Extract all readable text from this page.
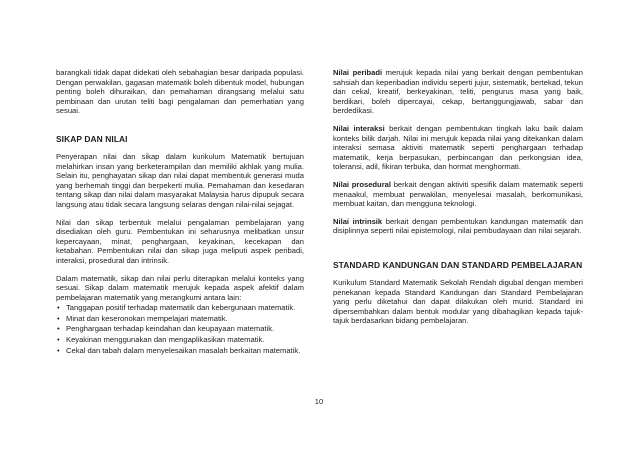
barangkali tidak dapat didekati oleh sebahagian besar daripada populasi. Dengan perwakilan, gagasan matematik boleh dibentuk model, hubungan penting boleh dihuraikan, dan pemahaman dirangsang melalui satu pembinaan dan urutan teliti bagi pengalaman dan pemerhatian yang sesuai.

SIKAP DAN NILAI

Penyerapan nilai dan sikap dalam kurikulum Matematik bertujuan melahirkan insan yang berketerampilan dan memiliki akhlak yang mulia. Selain itu, penghayatan sikap dan nilai dapat membentuk generasi muda yang berhemah tinggi dan berpekerti mulia. Pemahaman dan kesedaran tentang sikap dan nilai dalam masyarakat Malaysia harus dipupuk secara langsung atau tidak secara langsung selaras dengan nilai-nilai sejagat.

Nilai dan sikap terbentuk melalui pengalaman pembelajaran yang disediakan oleh guru. Pembentukan ini seharusnya melibatkan unsur kepercayaan, minat, penghargaan, keyakinan, kecekapan dan ketabahan. Pembentukan nilai dan sikap juga meliputi aspek peribadi, interaksi, prosedural dan intrinsik.

Dalam matematik, sikap dan nilai perlu diterapkan melalui konteks yang sesuai. Sikap dalam matematik merujuk kepada aspek afektif dalam pembelajaran matematik yang merangkumi antara lain:

• Tanggapan positif terhadap matematik dan kebergunaan matematik.
• Minat dan keseronokan mempelajari matematik.
• Penghargaan terhadap keindahan dan keupayaan matematik.
• Keyakinan menggunakan dan mengaplikasikan matematik.
• Cekal dan tabah dalam menyelesaikan masalah berkaitan matematik.

Nilai peribadi merujuk kepada nilai yang berkait dengan pembentukan sahsiah dan keperibadian individu seperti jujur, sistematik, bertekad, tekun dan cekal, kreatif, berkeyakinan, teliti, pengurus masa yang baik, berdikari, boleh dipercayai, cekap, bertanggungjawab, sabar dan berdedikasi.

Nilai interaksi berkait dengan pembentukan tingkah laku baik dalam konteks bilik darjah. Nilai ini merujuk kepada nilai yang ditekankan dalam interaksi semasa aktiviti matematik seperti penghargaan terhadap matematik, kerja berpasukan, perbincangan dan perkongsian idea, toleransi, adil, fikiran terbuka, dan hormat menghormati.

Nilai prosedural berkait dengan aktiviti spesifik dalam matematik seperti menaakul, membuat perwakilan, menyelesai masalah, berkomunikasi, membuat kaitan, dan mengguna teknologi.

Nilai intrinsik berkait dengan pembentukan kandungan matematik dan disiplinnya seperti nilai epistemologi, nilai pembudayaan dan nilai sejarah.

STANDARD KANDUNGAN DAN STANDARD PEMBELAJARAN

Kurikulum Standard Matematik Sekolah Rendah digubal dengan memberi penekanan kepada Standard Kandungan dan Standard Pembelajaran yang perlu diketahui dan dapat dilakukan oleh murid. Standard ini dipersembahkan dalam bentuk modular yang dibahagikan kepada tajuk-tajuk berdasarkan bidang pembelajaran.

10
